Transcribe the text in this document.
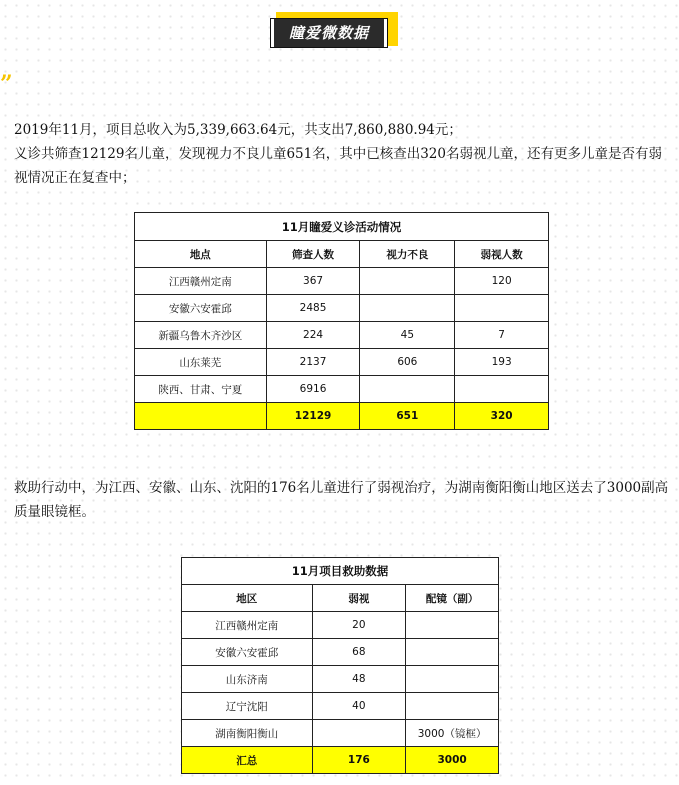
瞳爱微数据
”

2019年11月，项目总收入为5,339,663.64元，共支出7,860,880.94元；

义诊共筛查12129名儿童，发现视力不良儿童651名，其中已核查出320名弱视儿童，还有更多儿童是否有弱视情况正在复查中；

11月瞳爱义诊活动情况			
地点	筛查人数	视力不良	弱视人数
江西赣州定南	367		120
安徽六安霍邱	2485		
新疆乌鲁木齐沙区	224	45	7
山东莱芜	2137	606	193
陕西、甘肃、宁夏	6916		
	12129	651	320

救助行动中，为江西、安徽、山东、沈阳的176名儿童进行了弱视治疗，为湖南衡阳衡山地区送去了3000副高质量眼镜框。

11月项目救助数据		
地区	弱视	配镜（副）
江西赣州定南	20	
安徽六安霍邱	68	
山东济南	48	
辽宁沈阳	40	
湖南衡阳衡山		3000（镜框）
汇总	176	3000
